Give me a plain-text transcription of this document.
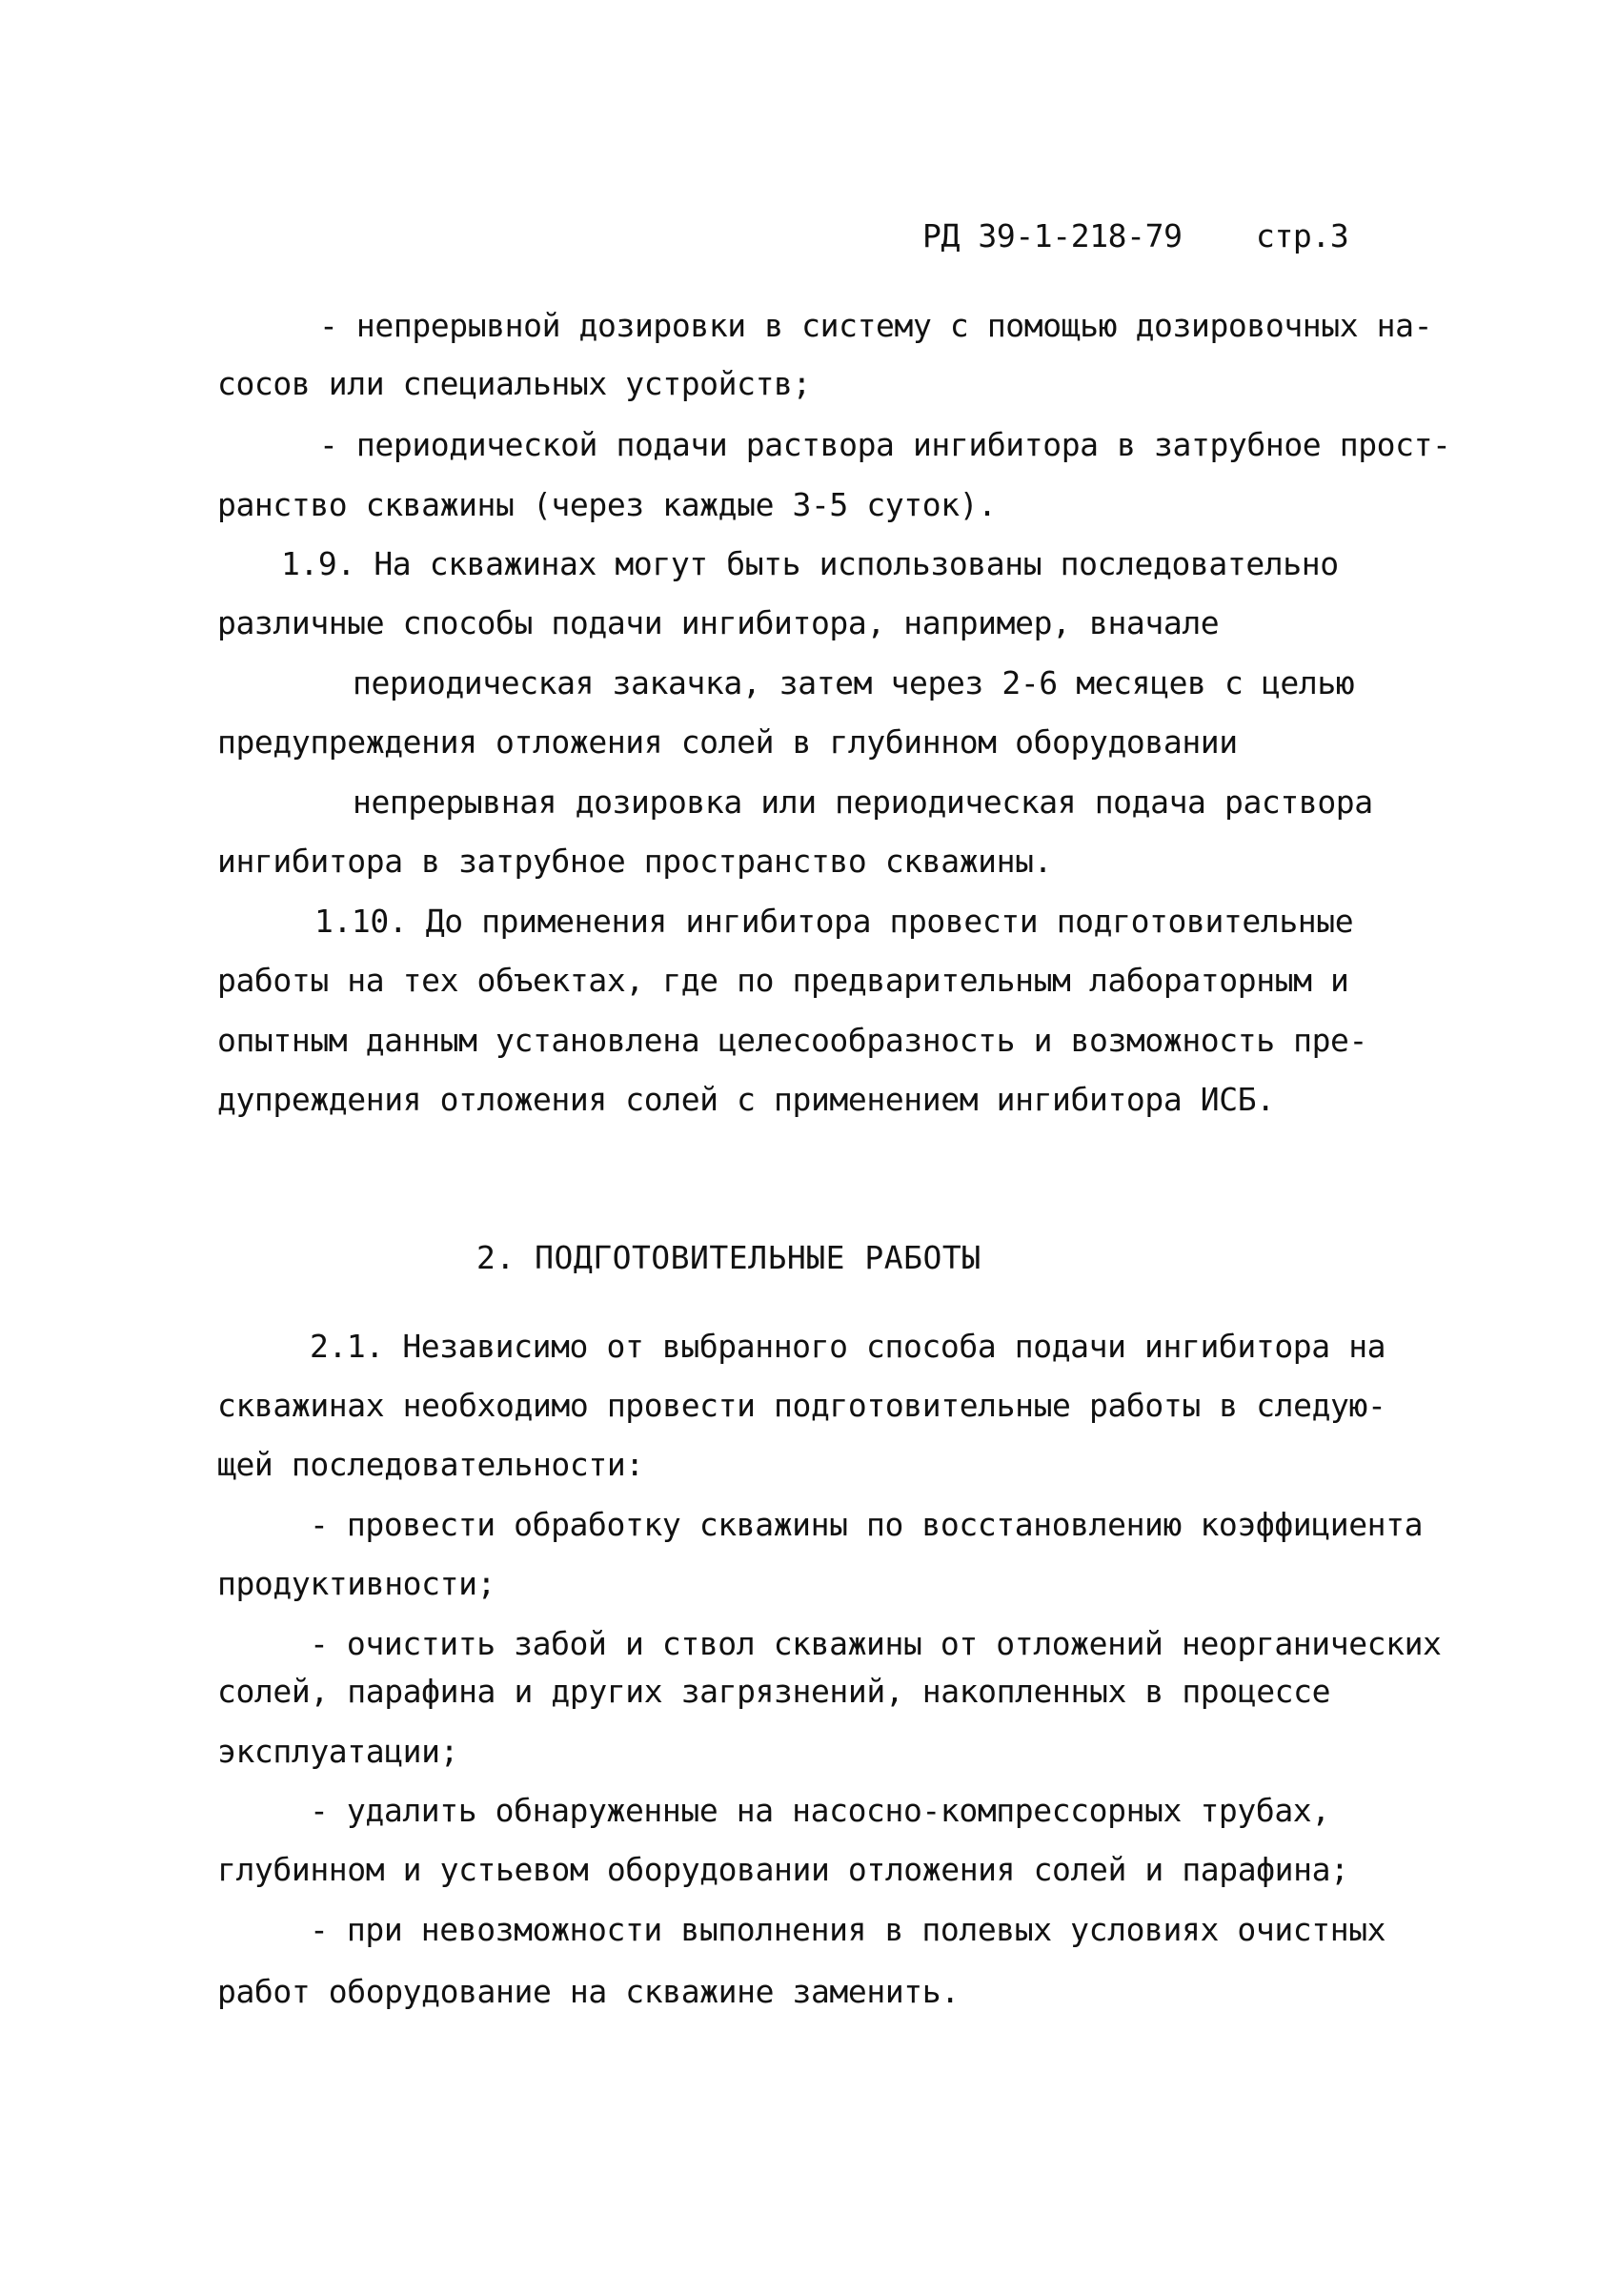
РД 39-1-218-79

стр.3

- непрерывной дозировки в систему с помощью дозировочных на-
сосов или специальных устройств;
- периодической подачи раствора ингибитора в затрубное прост-
ранство скважины (через каждые 3-5 суток).
1.9. На скважинах могут быть использованы последовательно
различные способы подачи ингибитора, например, вначале
периодическая закачка, затем через 2-6 месяцев с целью
предупреждения отложения солей в глубинном оборудовании
непрерывная дозировка или периодическая подача раствора
ингибитора в затрубное пространство скважины.
1.10. До применения ингибитора провести подготовительные
работы на тех объектах, где по предварительным лабораторным и
опытным данным установлена целесообразность и возможность пре-
дупреждения отложения солей с применением ингибитора ИСБ.
2. ПОДГОТОВИТЕЛЬНЫЕ РАБОТЫ
2.1. Независимо от выбранного способа подачи ингибитора на
скважинах необходимо провести подготовительные работы в следую-
щей последовательности:
- провести обработку скважины по восстановлению коэффициента
продуктивности;
- очистить забой и ствол скважины от отложений неорганических
солей, парафина и других загрязнений, накопленных в процессе
эксплуатации;
- удалить обнаруженные на насосно-компрессорных трубах,
глубинном и устьевом оборудовании отложения солей и парафина;
- при невозможности выполнения в полевых условиях очистных
работ оборудование на скважине заменить.
